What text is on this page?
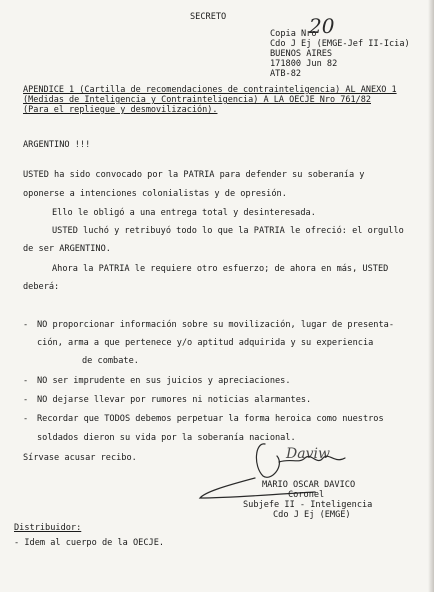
SECRETO
Copia Nro
20
Cdo J Ej (EMGE-Jef II-Icia)
BUENOS AIRES
171800 Jun 82
ATB-82
APENDICE 1 (Cartilla de recomendaciones de contrainteligencia) AL ANEXO 1
(Medidas de Inteligencia y Contrainteligencia) A LA OECJE Nro 761/82
(Para el repliegue y desmovilización).
ARGENTINO !!!
USTED ha sido convocado por la PATRIA para defender su soberanía y
oponerse a intenciones colonialistas y de opresión.
Ello le obligó a una entrega total y desinteresada.
USTED luchó y retribuyó todo lo que la PATRIA le ofreció: el orgullo
de ser ARGENTINO.
Ahora la PATRIA le requiere otro esfuerzo; de ahora en más, USTED
deberá:
- NO proporcionar información sobre su movilización, lugar de presenta-
ción, arma a que pertenece y/o aptitud adquirida y su experiencia
de combate.
- NO ser imprudente en sus juicios y apreciaciones.
- NO dejarse llevar por rumores ni noticias alarmantes.
- Recordar que TODOS debemos perpetuar la forma heroica como nuestros
soldados dieron su vida por la soberanía nacional.
Sírvase acusar recibo.	Daviw
MARIO OSCAR DAVICO
Coronel
Subjefe II - Inteligencia
Cdo J Ej (EMGE)
Distribuidor:
- Idem al cuerpo de la OECJE.
